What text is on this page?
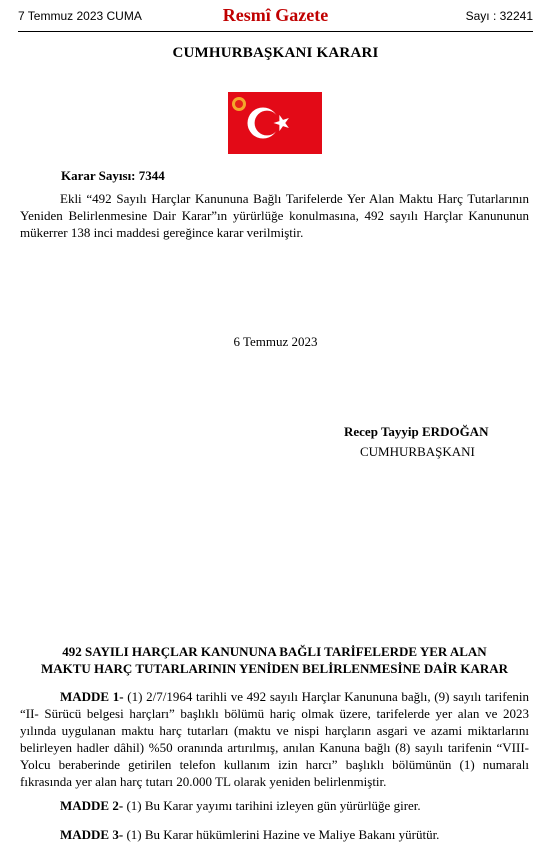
7 Temmuz 2023 CUMA	Resmî Gazete	Sayı : 32241
CUMHURBAŞKANI KARARI
Karar Sayısı: 7344
Ekli “492 Sayılı Harçlar Kanununa Bağlı Tarifelerde Yer Alan Maktu Harç Tutarlarının Yeniden Belirlenmesine Dair Karar”ın yürürlüğe konulmasına, 492 sayılı Harçlar Kanununun mükerrer 138 inci maddesi gereğince karar verilmiştir.
6 Temmuz 2023
Recep Tayyip ERDOĞAN
CUMHURBAŞKANI
492 SAYILI HARÇLAR KANUNUNA BAĞLI TARİFELERDE YER ALAN
MAKTU HARÇ TUTARLARININ YENİDEN BELİRLENMESİNE DAİR KARAR
MADDE 1- (1) 2/7/1964 tarihli ve 492 sayılı Harçlar Kanununa bağlı, (9) sayılı tarifenin “II- Sürücü belgesi harçları” başlıklı bölümü hariç olmak üzere, tarifelerde yer alan ve 2023 yılında uygulanan maktu harç tutarları (maktu ve nispi harçların asgari ve azami miktarlarını belirleyen hadler dâhil) %50 oranında artırılmış, anılan Kanuna bağlı (8) sayılı tarifenin “VIII-Yolcu beraberinde getirilen telefon kullanım izin harcı” başlıklı bölümünün (1) numaralı fıkrasında yer alan harç tutarı 20.000 TL olarak yeniden belirlenmiştir.
MADDE 2- (1) Bu Karar yayımı tarihini izleyen gün yürürlüğe girer.
MADDE 3- (1) Bu Karar hükümlerini Hazine ve Maliye Bakanı yürütür.
